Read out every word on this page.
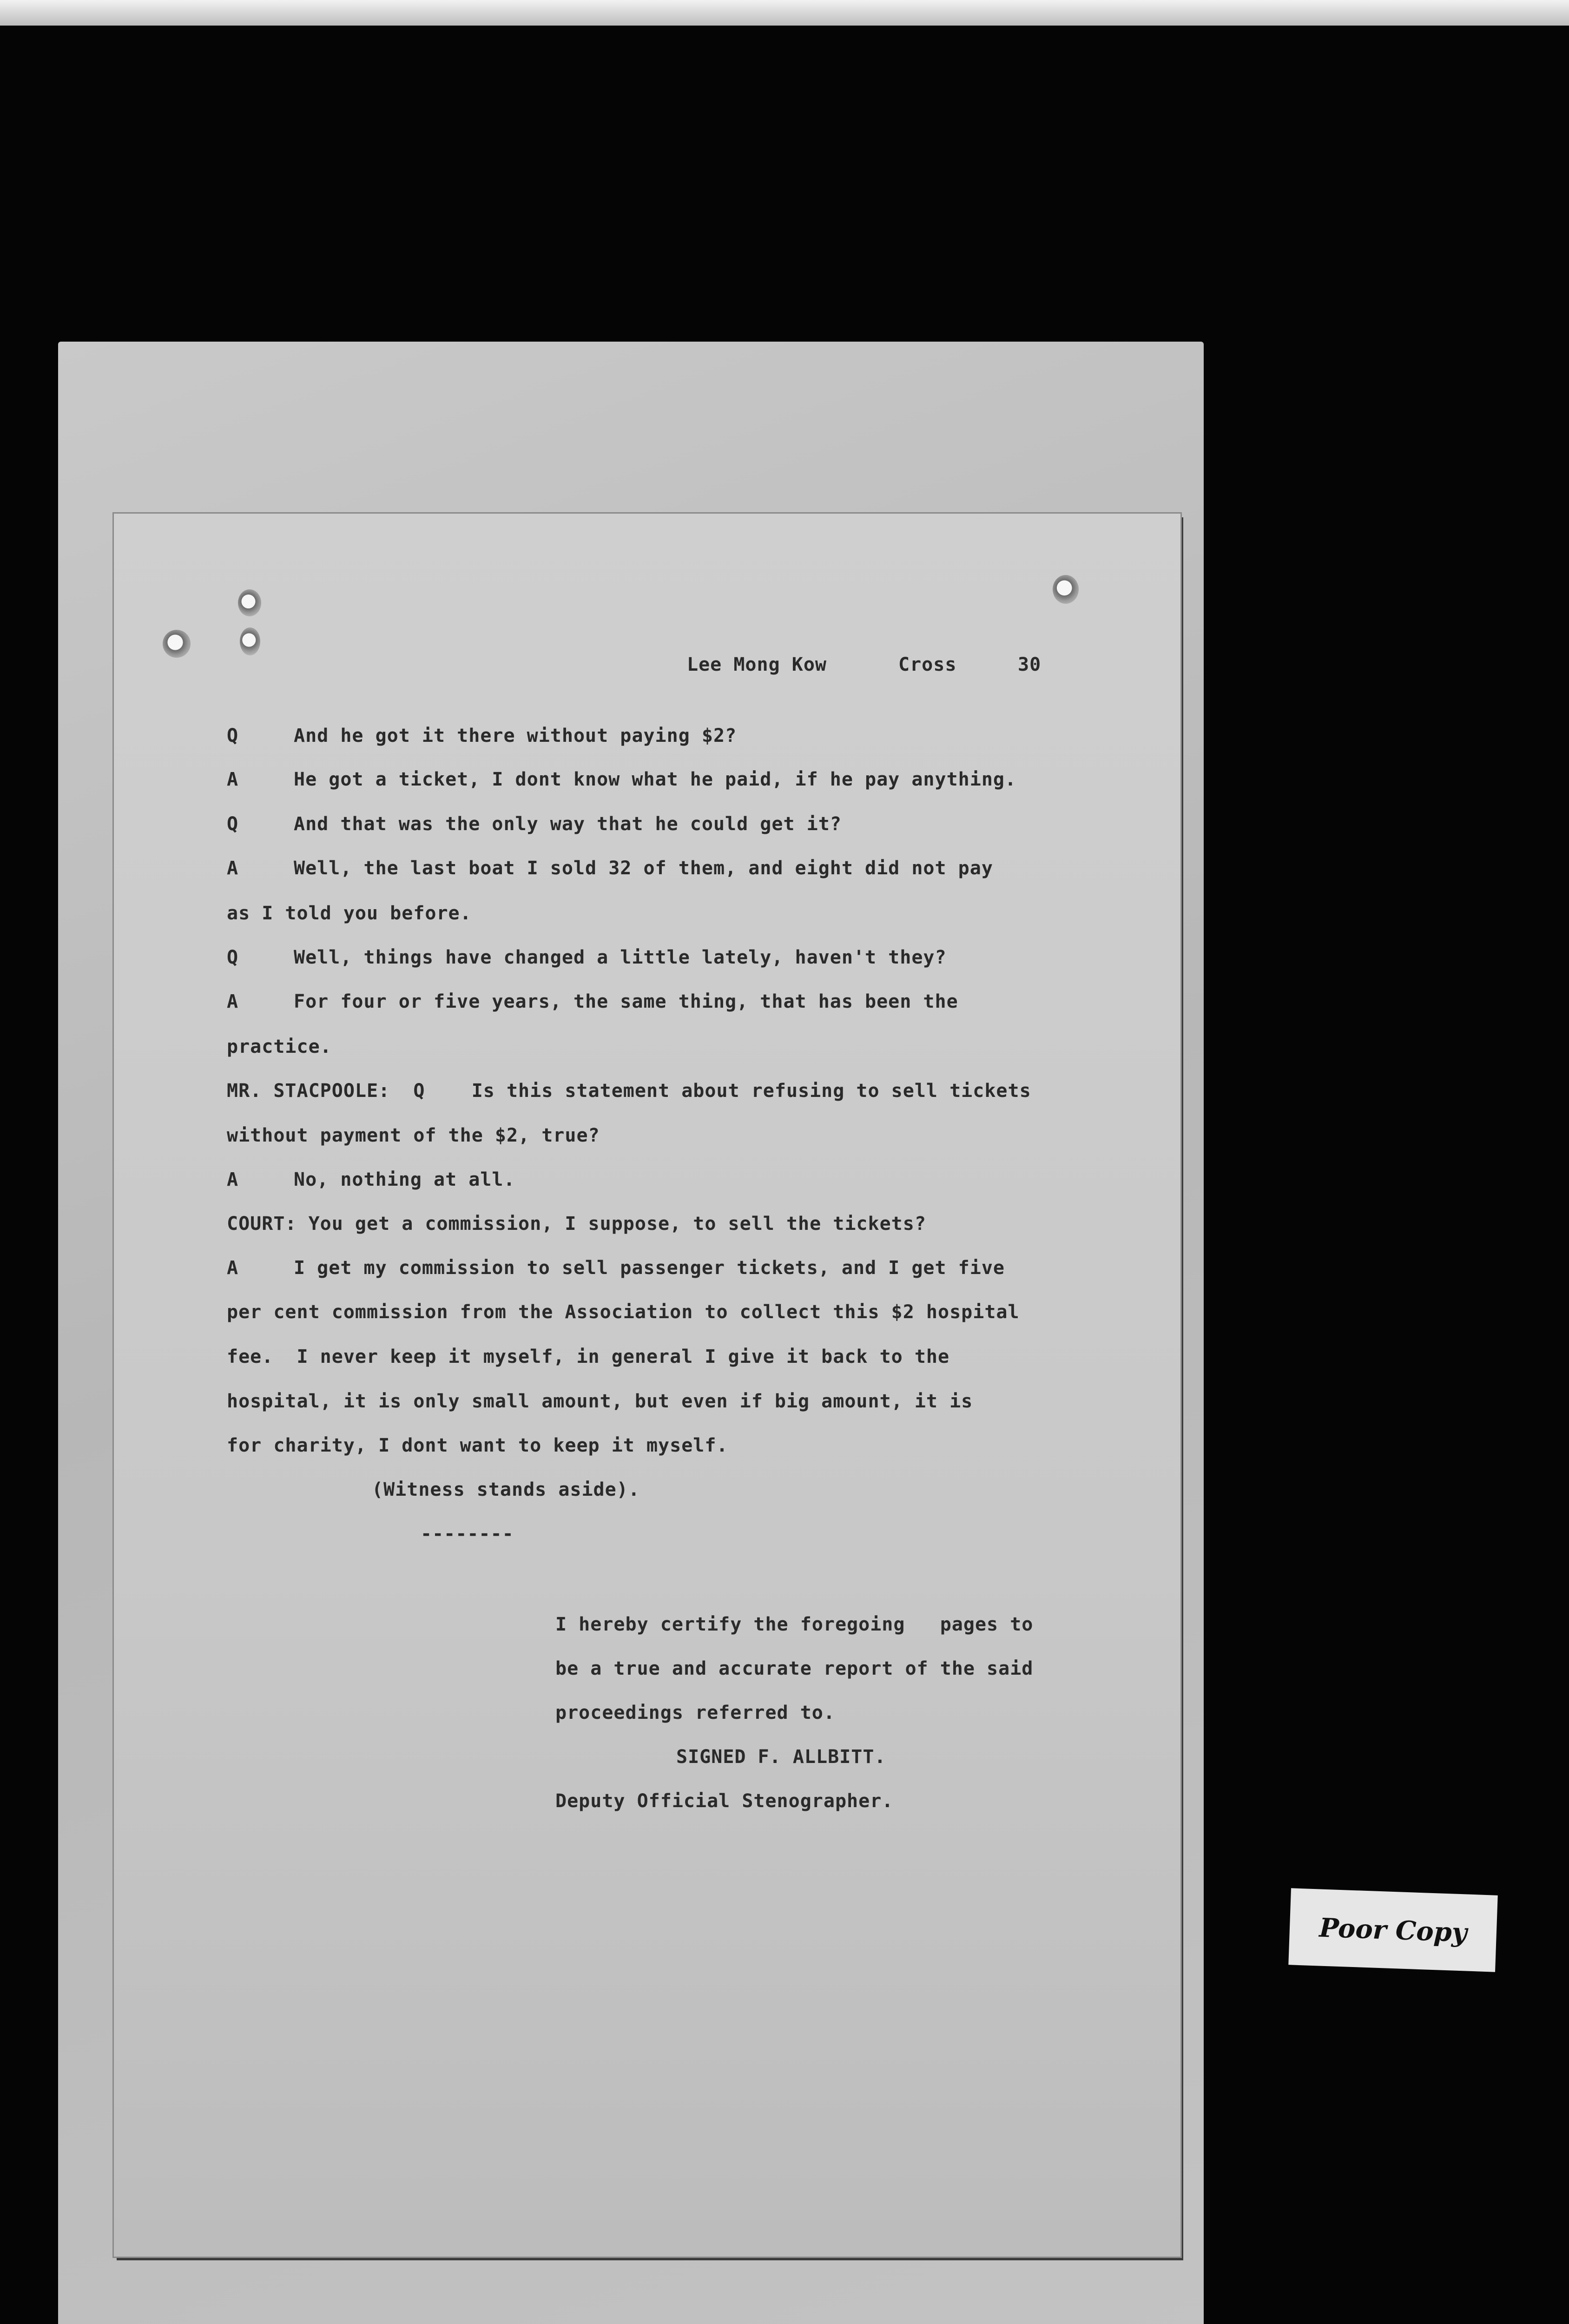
Lee Mong Kow	Cross	30
Q	And he got it there without paying $2?
A	He got a ticket, I dont know what he paid, if he pay anything.
Q	And that was the only way that he could get it?
A	Well, the last boat I sold 32 of them, and eight did not pay
as I told you before.
Q	Well, things have changed a little lately, haven't they?
A	For four or five years, the same thing, that has been the
practice.
MR. STACPOOLE:  Q    Is this statement about refusing to sell tickets
without payment of the $2, true?
A	No, nothing at all.
COURT: You get a commission, I suppose, to sell the tickets?
A	I get my commission to sell passenger tickets, and I get five
per cent commission from the Association to collect this $2 hospital
fee.  I never keep it myself, in general I give it back to the
hospital, it is only small amount, but even if big amount, it is
for charity, I dont want to keep it myself.
(Witness stands aside).
--------
I hereby certify the foregoing   pages to
be a true and accurate report of the said
proceedings referred to.
SIGNED F. ALLBITT.
Deputy Official Stenographer.
Poor Copy
